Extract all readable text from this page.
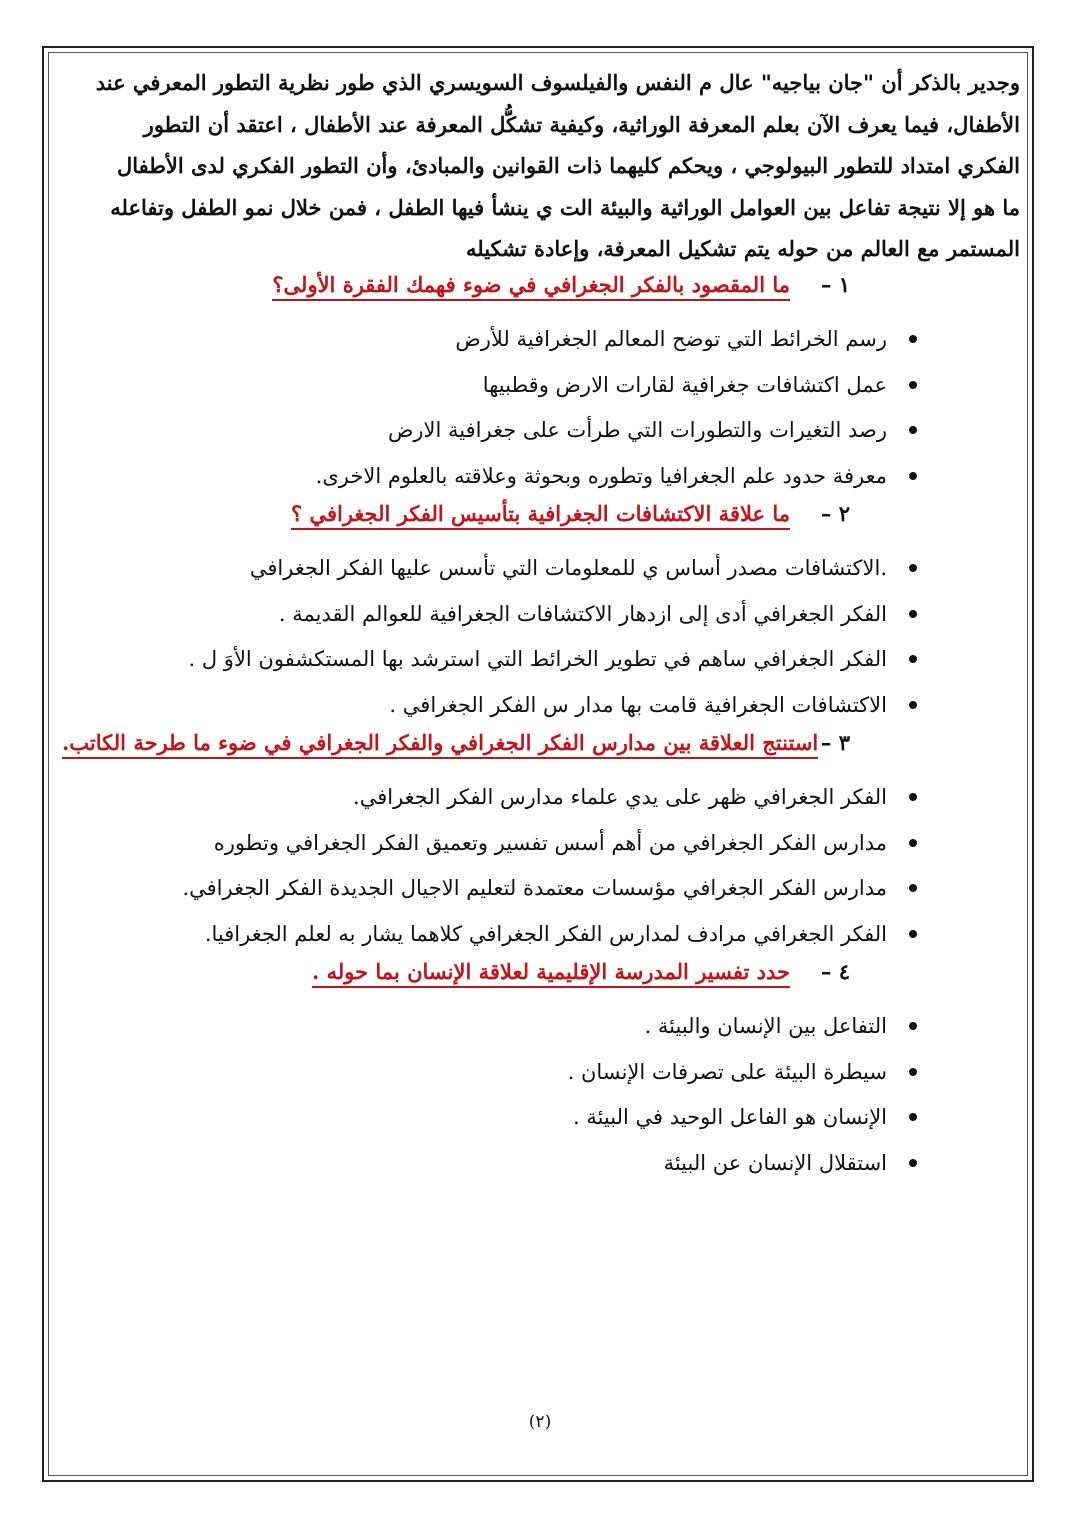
وجدير بالذكر أن "جان بياجيه" عال م النفس والفيلسوف السويسري الذي طور نظرية التطور المعرفي عند

الأطفال، فيما يعرف الآن بعلم المعرفة الوراثية، وكيفية تشكُّل المعرفة عند الأطفال ، اعتقد أن التطور

الفكري امتداد للتطور البيولوجي ، ويحكم كليهما ذات القوانين والمبادئ، وأن التطور الفكري لدى الأطفال

ما هو إلا نتيجة تفاعل بين العوامل الوراثية والبيئة الت ي ينشأ فيها الطفل ، فمن خلال نمو الطفل وتفاعله

المستمر مع العالم من حوله يتم تشكيل المعرفة، وإعادة تشكيله

١ –
ما المقصود بالفكر الجغرافي في ضوء فهمك الفقرة الأولى؟
رسم الخرائط التي توضح المعالم الجغرافية للأرض
عمل اكتشافات جغرافية لقارات الارض وقطبيها
رصد التغيرات والتطورات التي طرأت على جغرافية الارض
معرفة حدود علم الجغرافيا وتطوره وبحوثة وعلاقته بالعلوم الاخرى.
٢ –
ما علاقة الاكتشافات الجغرافية بتأسيس الفكر الجغرافي ؟
.الاكتشافات مصدر أساس ي للمعلومات التي تأسس عليها الفكر الجغرافي
الفكر الجغرافي أدى إلى ازدهار الاكتشافات الجغرافية للعوالم القديمة .
الفكر الجغرافي ساهم في تطوير الخرائط التي استرشد بها المستكشفون الأوَ ل .
الاكتشافات الجغرافية قامت بها مدار س الفكر الجغرافي .
٣ –
استنتج العلاقة بين مدارس الفكر الجغرافي والفكر الجغرافي في ضوء ما طرحة الكاتب.
الفكر الجغرافي ظهر على يدي علماء مدارس الفكر الجغرافي.
مدارس الفكر الجغرافي من أهم أسس تفسير وتعميق الفكر الجغرافي وتطوره
مدارس الفكر الجغرافي مؤسسات معتمدة لتعليم الاجيال الجديدة الفكر الجغرافي.
الفكر الجغرافي مرادف لمدارس الفكر الجغرافي كلاهما يشار به لعلم الجغرافيا.
٤ –
حدد تفسير المدرسة الإقليمية لعلاقة الإنسان بما حوله .
التفاعل بين الإنسان والبيئة .
سيطرة البيئة على تصرفات الإنسان .
الإنسان هو الفاعل الوحيد في البيئة .
استقلال الإنسان عن البيئة
(٢)
